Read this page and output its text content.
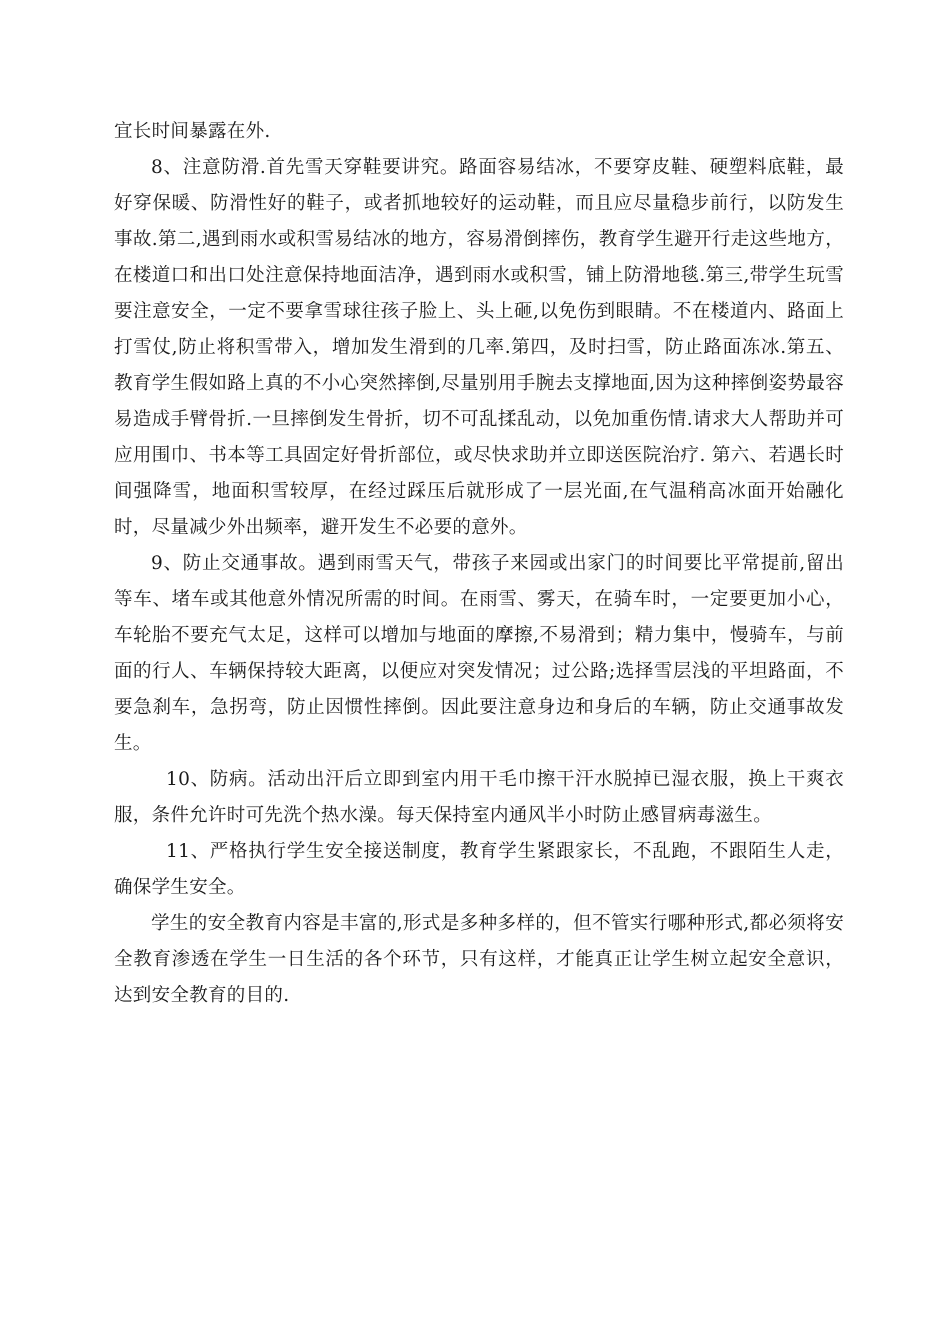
宜长时间暴露在外.

8、注意防滑.首先雪天穿鞋要讲究。路面容易结冰，不要穿皮鞋、硬塑料底鞋，最好穿保暖、防滑性好的鞋子，或者抓地较好的运动鞋，而且应尽量稳步前行，以防发生事故.第二,遇到雨水或积雪易结冰的地方，容易滑倒摔伤，教育学生避开行走这些地方，在楼道口和出口处注意保持地面洁净，遇到雨水或积雪，铺上防滑地毯.第三,带学生玩雪要注意安全，一定不要拿雪球往孩子脸上、头上砸,以免伤到眼睛。不在楼道内、路面上打雪仗,防止将积雪带入，增加发生滑到的几率.第四，及时扫雪，防止路面冻冰.第五、教育学生假如路上真的不小心突然摔倒,尽量别用手腕去支撑地面,因为这种摔倒姿势最容易造成手臂骨折.一旦摔倒发生骨折，切不可乱揉乱动，以免加重伤情.请求大人帮助并可应用围巾、书本等工具固定好骨折部位，或尽快求助并立即送医院治疗. 第六、若遇长时间强降雪，地面积雪较厚，在经过踩压后就形成了一层光面,在气温稍高冰面开始融化时，尽量减少外出频率，避开发生不必要的意外。

9、防止交通事故。遇到雨雪天气，带孩子来园或出家门的时间要比平常提前,留出等车、堵车或其他意外情况所需的时间。在雨雪、雾天，在骑车时，一定要更加小心，车轮胎不要充气太足，这样可以增加与地面的摩擦,不易滑到；精力集中，慢骑车，与前面的行人、车辆保持较大距离，以便应对突发情况；过公路;选择雪层浅的平坦路面，不要急刹车，急拐弯，防止因惯性摔倒。因此要注意身边和身后的车辆，防止交通事故发生。

10、防病。活动出汗后立即到室内用干毛巾擦干汗水脱掉已湿衣服，换上干爽衣服，条件允许时可先洗个热水澡。每天保持室内通风半小时防止感冒病毒滋生。

11、严格执行学生安全接送制度，教育学生紧跟家长，不乱跑，不跟陌生人走，确保学生安全。

学生的安全教育内容是丰富的,形式是多种多样的，但不管实行哪种形式,都必须将安全教育渗透在学生一日生活的各个环节，只有这样，才能真正让学生树立起安全意识，达到安全教育的目的.
